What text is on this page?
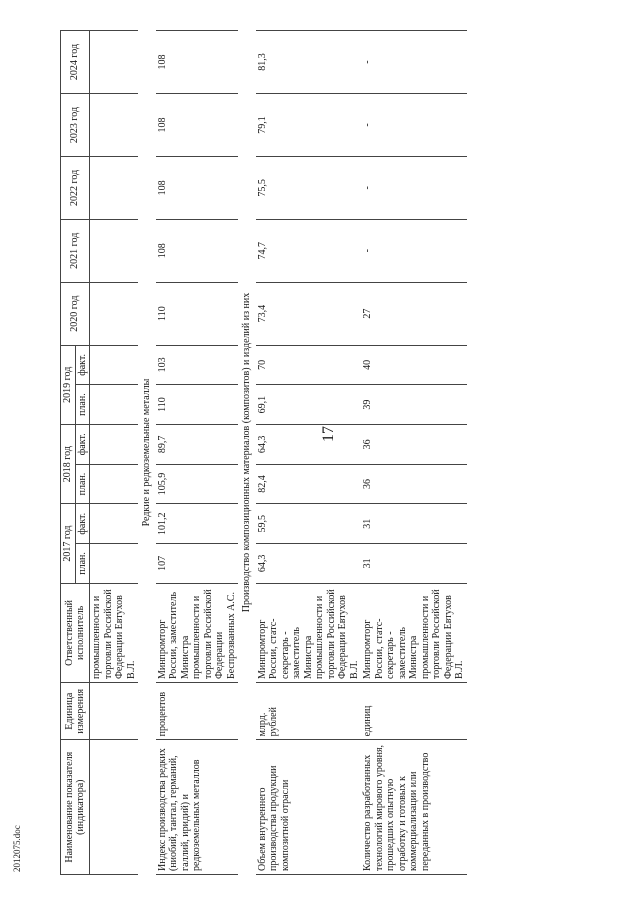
17
2012075.doc	Наименование показателя (индикатора)	Единица измерения	Ответственный исполнитель	2017 год		2018 год		2019 год		2020 год	2021 год	2022 год	2023 год	2024 год
			план.	факт.	план.	факт.	план.	факт.					
		промышленности и торговли Российской Федерации Евтухов В.Л.											
Редкие и редкоземельные металлы													
Индекс производства редких (ниобий, тантал, германий, галлий, иридий) и редкоземельных металлов	процентов	Минпромторг России, заместитель Министра промышленности и торговли Российской Федерации Беспрозванных А.С.	107	101,2	105,9	89,7	110	103	110	108	108	108	108
Производство композиционных материалов (композитов) и изделий из них													
Объем внутреннего производства продукции композитной отрасли	млрд. рублей	Минпромторг России, статс-секретарь - заместитель Министра промышленности и торговли Российской Федерации Евтухов В.Л.	64,3	59,5	82,4	64,3	69,1	70	73,4	74,7	75,5	79,1	81,3
Количество разработанных технологий мирового уровня, прошедших опытную отработку и готовых к коммерциализации или переданных в производство	единиц	Минпромторг России, статс-секретарь - заместитель Министра промышленности и торговли Российской Федерации Евтухов В.Л.	31	31	36	36	39	40	27	-	-	-	-
